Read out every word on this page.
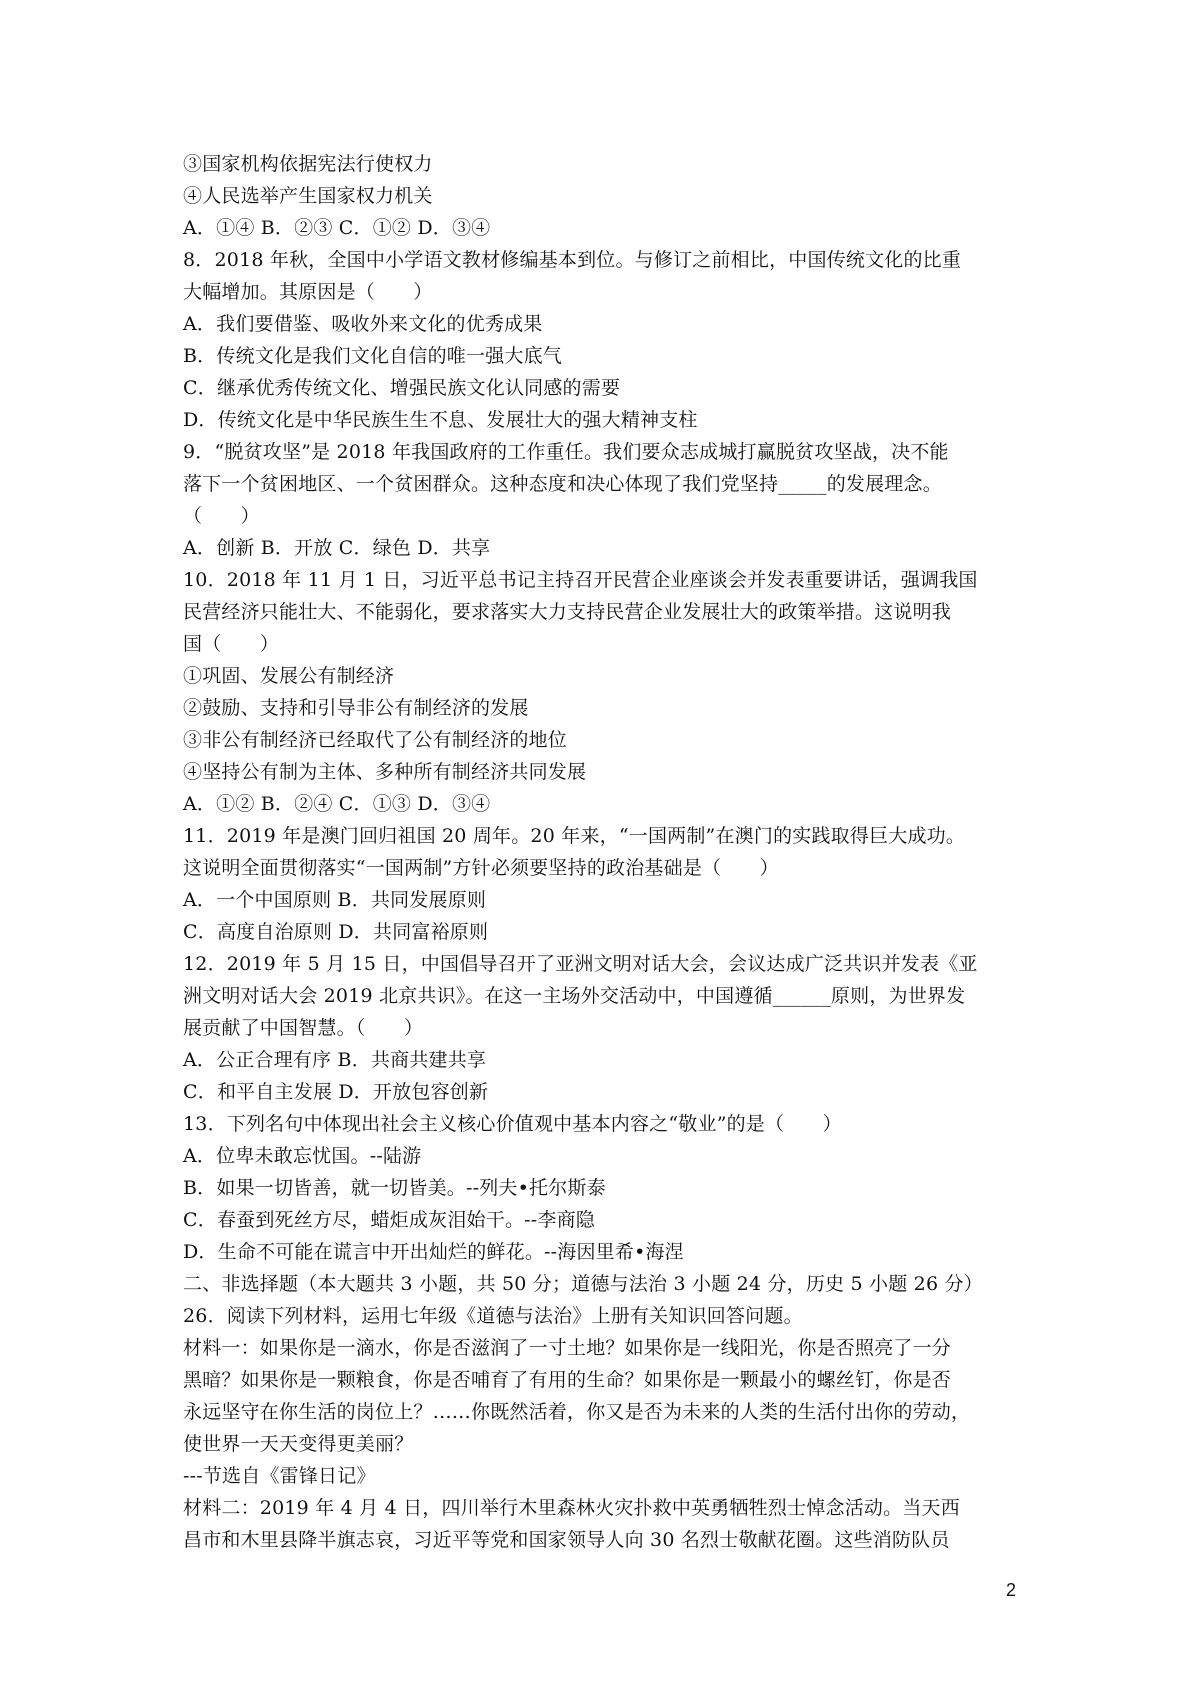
③国家机构依据宪法行使权力
④人民选举产生国家权力机关
A．①④ B．②③ C．①② D．③④
8．2018 年秋，全国中小学语文教材修编基本到位。与修订之前相比，中国传统文化的比重
大幅增加。其原因是（　　）
A．我们要借鉴、吸收外来文化的优秀成果
B．传统文化是我们文化自信的唯一强大底气
C．继承优秀传统文化、增强民族文化认同感的需要
D．传统文化是中华民族生生不息、发展壮大的强大精神支柱
9．“脱贫攻坚”是 2018 年我国政府的工作重任。我们要众志成城打赢脱贫攻坚战，决不能
落下一个贫困地区、一个贫困群众。这种态度和决心体现了我们党坚持_____的发展理念。
（　　）
A．创新 B．开放 C．绿色 D．共享
10．2018 年 11 月 1 日，习近平总书记主持召开民营企业座谈会并发表重要讲话，强调我国
民营经济只能壮大、不能弱化，要求落实大力支持民营企业发展壮大的政策举措。这说明我
国（　　）
①巩固、发展公有制经济
②鼓励、支持和引导非公有制经济的发展
③非公有制经济已经取代了公有制经济的地位
④坚持公有制为主体、多种所有制经济共同发展
A．①② B．②④ C．①③ D．③④
11．2019 年是澳门回归祖国 20 周年。20 年来，“一国两制”在澳门的实践取得巨大成功。
这说明全面贯彻落实“一国两制”方针必须要坚持的政治基础是（　　）
A．一个中国原则 B．共同发展原则
C．高度自治原则 D．共同富裕原则
12．2019 年 5 月 15 日，中国倡导召开了亚洲文明对话大会，会议达成广泛共识并发表《亚
洲文明对话大会 2019 北京共识》。在这一主场外交活动中，中国遵循______原则，为世界发
展贡献了中国智慧。（　　）
A．公正合理有序 B．共商共建共享
C．和平自主发展 D．开放包容创新
13．下列名句中体现出社会主义核心价值观中基本内容之“敬业”的是（　　）
A．位卑未敢忘忧国。--陆游
B．如果一切皆善，就一切皆美。--列夫•托尔斯泰
C．春蚕到死丝方尽，蜡炬成灰泪始干。--李商隐
D．生命不可能在谎言中开出灿烂的鲜花。--海因里希•海涅
二、非选择题（本大题共 3 小题，共 50 分；道德与法治 3 小题 24 分，历史 5 小题 26 分）
26．阅读下列材料，运用七年级《道德与法治》上册有关知识回答问题。
材料一：如果你是一滴水，你是否滋润了一寸土地？如果你是一线阳光，你是否照亮了一分
黑暗？如果你是一颗粮食，你是否哺育了有用的生命？如果你是一颗最小的螺丝钉，你是否
永远坚守在你生活的岗位上？……你既然活着，你又是否为未来的人类的生活付出你的劳动，
使世界一天天变得更美丽？
---节选自《雷锋日记》
材料二：2019 年 4 月 4 日，四川举行木里森林火灾扑救中英勇牺牲烈士悼念活动。当天西
昌市和木里县降半旗志哀，习近平等党和国家领导人向 30 名烈士敬献花圈。这些消防队员
2
